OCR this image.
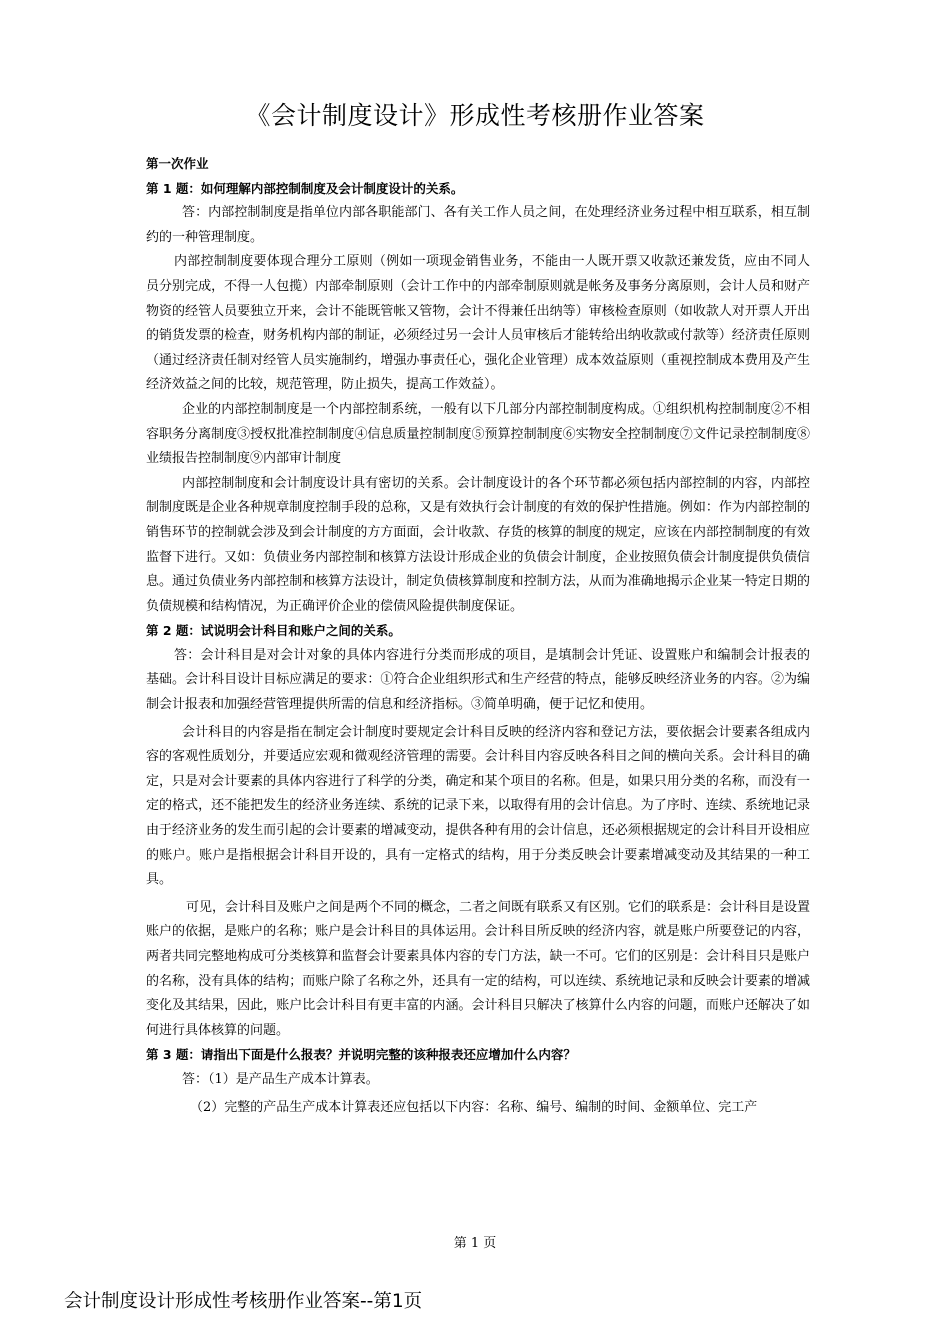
《会计制度设计》形成性考核册作业答案

第一次作业

第 1 题：如何理解内部控制制度及会计制度设计的关系。

答：内部控制制度是指单位内部各职能部门、各有关工作人员之间，在处理经济业务过程中相互联系，相互制约的一种管理制度。

内部控制制度要体现合理分工原则（例如一项现金销售业务，不能由一人既开票又收款还兼发货，应由不同人员分别完成，不得一人包揽）内部牵制原则（会计工作中的内部牵制原则就是帐务及事务分离原则，会计人员和财产物资的经管人员要独立开来，会计不能既管帐又管物，会计不得兼任出纳等）审核检查原则（如收款人对开票人开出的销货发票的检查，财务机构内部的制证，必须经过另一会计人员审核后才能转给出纳收款或付款等）经济责任原则（通过经济责任制对经管人员实施制约，增强办事责任心，强化企业管理）成本效益原则（重视控制成本费用及产生经济效益之间的比较，规范管理，防止损失，提高工作效益）。

企业的内部控制制度是一个内部控制系统，一般有以下几部分内部控制制度构成。①组织机构控制制度②不相容职务分离制度③授权批准控制制度④信息质量控制制度⑤预算控制制度⑥实物安全控制制度⑦文件记录控制制度⑧业绩报告控制制度⑨内部审计制度

内部控制制度和会计制度设计具有密切的关系。会计制度设计的各个环节都必须包括内部控制的内容，内部控制制度既是企业各种规章制度控制手段的总称，又是有效执行会计制度的有效的保护性措施。例如：作为内部控制的销售环节的控制就会涉及到会计制度的方方面面，会计收款、存货的核算的制度的规定，应该在内部控制制度的有效监督下进行。又如：负债业务内部控制和核算方法设计形成企业的负债会计制度，企业按照负债会计制度提供负债信息。通过负债业务内部控制和核算方法设计，制定负债核算制度和控制方法，从而为准确地揭示企业某一特定日期的负债规模和结构情况，为正确评价企业的偿债风险提供制度保证。

第 2 题：试说明会计科目和账户之间的关系。

答：会计科目是对会计对象的具体内容进行分类而形成的项目，是填制会计凭证、设置账户和编制会计报表的基础。会计科目设计目标应满足的要求：①符合企业组织形式和生产经营的特点，能够反映经济业务的内容。②为编制会计报表和加强经营管理提供所需的信息和经济指标。③简单明确，便于记忆和使用。

会计科目的内容是指在制定会计制度时要规定会计科目反映的经济内容和登记方法，要依据会计要素各组成内容的客观性质划分，并要适应宏观和微观经济管理的需要。会计科目内容反映各科目之间的横向关系。会计科目的确定，只是对会计要素的具体内容进行了科学的分类，确定和某个项目的名称。但是，如果只用分类的名称，而没有一定的格式，还不能把发生的经济业务连续、系统的记录下来，以取得有用的会计信息。为了序时、连续、系统地记录由于经济业务的发生而引起的会计要素的增减变动，提供各种有用的会计信息，还必须根据规定的会计科目开设相应的账户。账户是指根据会计科目开设的，具有一定格式的结构，用于分类反映会计要素增减变动及其结果的一种工具。

可见，会计科目及账户之间是两个不同的概念，二者之间既有联系又有区别。它们的联系是：会计科目是设置账户的依据，是账户的名称；账户是会计科目的具体运用。会计科目所反映的经济内容，就是账户所要登记的内容，两者共同完整地构成可分类核算和监督会计要素具体内容的专门方法，缺一不可。它们的区别是：会计科目只是账户的名称，没有具体的结构；而账户除了名称之外，还具有一定的结构，可以连续、系统地记录和反映会计要素的增减变化及其结果，因此，账户比会计科目有更丰富的内涵。会计科目只解决了核算什么内容的问题，而账户还解决了如何进行具体核算的问题。

第 3 题：请指出下面是什么报表？并说明完整的该种报表还应增加什么内容？

答：（1）是产品生产成本计算表。

（2）完整的产品生产成本计算表还应包括以下内容：名称、编号、编制的时间、金额单位、完工产

第 1 页
会计制度设计形成性考核册作业答案--第1页
